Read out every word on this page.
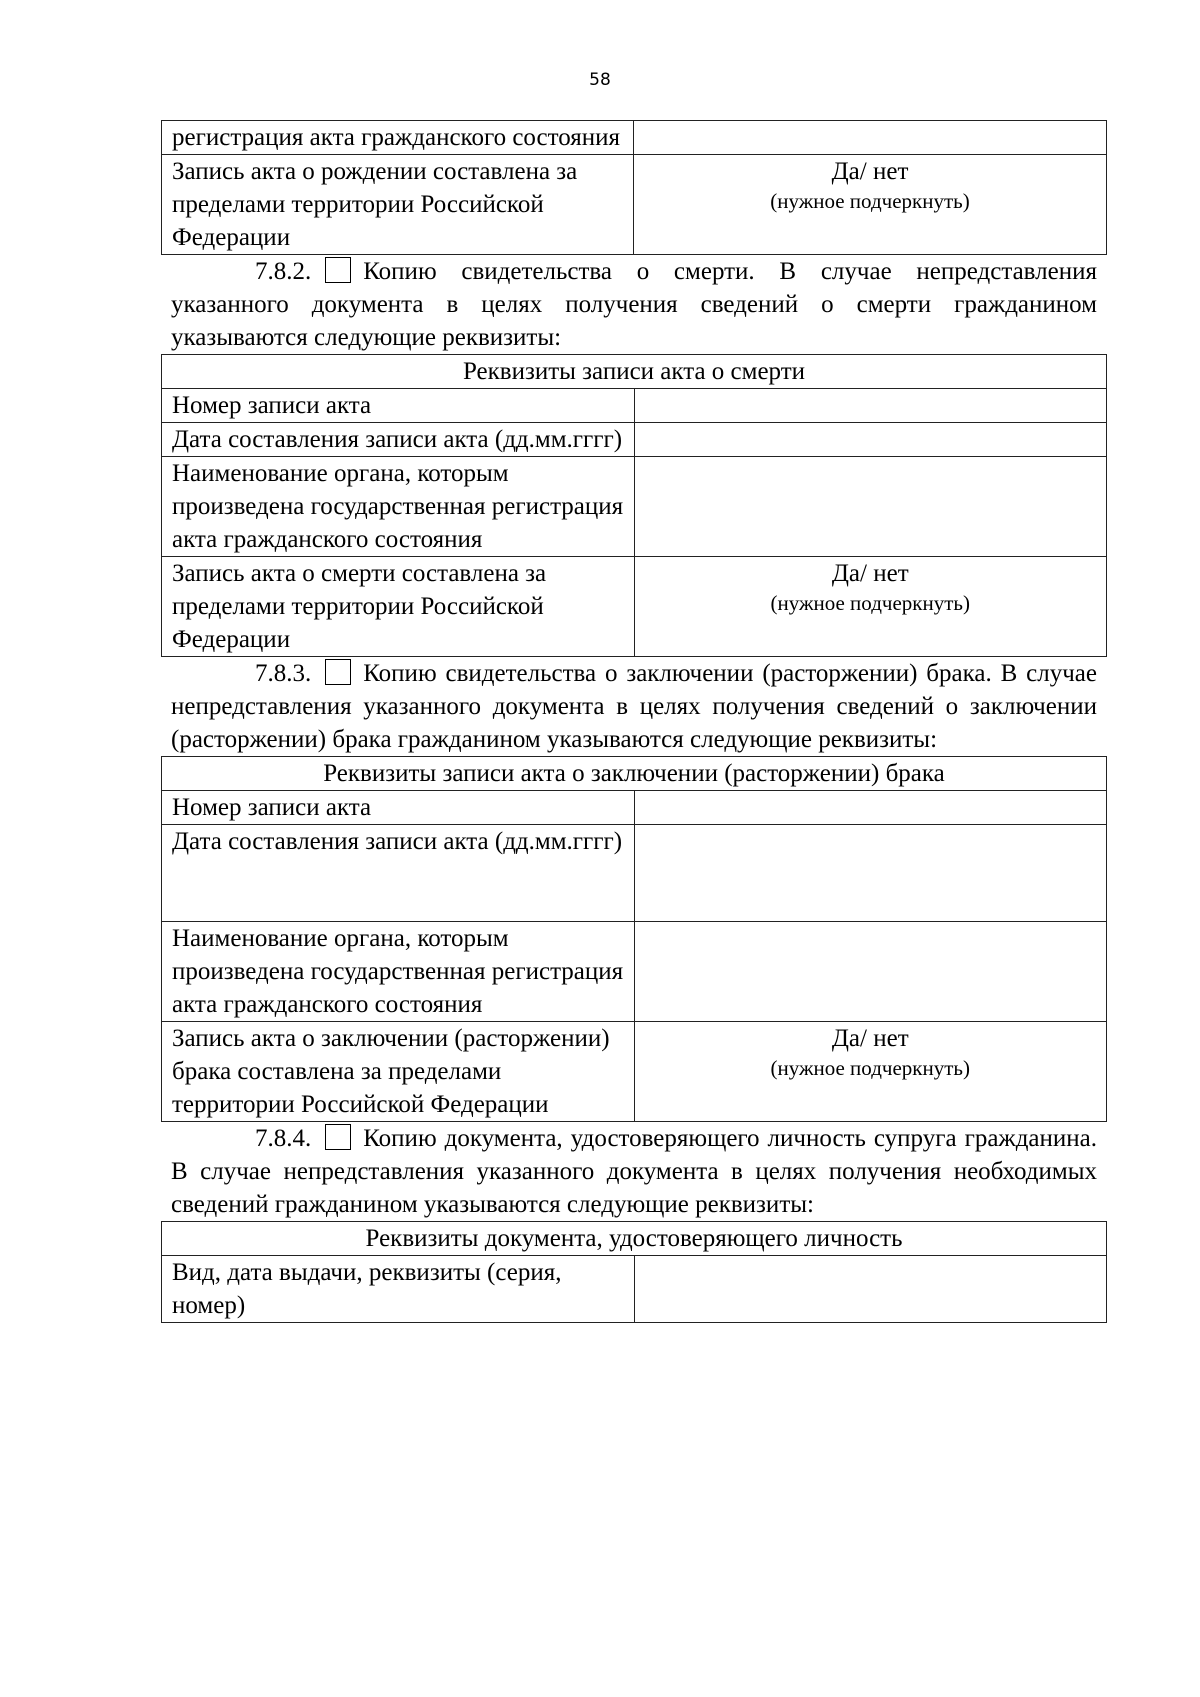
58
регистрация акта гражданского состояния	
Запись акта о рождении составлена за пределами территории Российской Федерации	Да/ нет
(нужное подчеркнуть)

7.8.2. Копию свидетельства о смерти. В случае непредставления указанного документа в целях получения сведений о смерти гражданином указываются следующие реквизиты:

Реквизиты записи акта о смерти	
Номер записи акта	
Дата составления записи акта (дд.мм.гггг)	
Наименование органа, которым произведена государственная регистрация акта гражданского состояния	
Запись акта о смерти составлена за пределами территории Российской Федерации	Да/ нет
(нужное подчеркнуть)

7.8.3. Копию свидетельства о заключении (расторжении) брака. В случае непредставления указанного документа в целях получения сведений о заключении (расторжении) брака гражданином указываются следующие реквизиты:

Реквизиты записи акта о заключении (расторжении) брака	
Номер записи акта	
Дата составления записи акта (дд.мм.гггг)	
Наименование органа, которым произведена государственная регистрация акта гражданского состояния	
Запись акта о заключении (расторжении) брака составлена за пределами территории Российской Федерации	Да/ нет
(нужное подчеркнуть)

7.8.4. Копию документа, удостоверяющего личность супруга гражданина. В случае непредставления указанного документа в целях получения необходимых сведений гражданином указываются следующие реквизиты:

Реквизиты документа, удостоверяющего личность
Вид, дата выдачи, реквизиты (серия, номер)	
